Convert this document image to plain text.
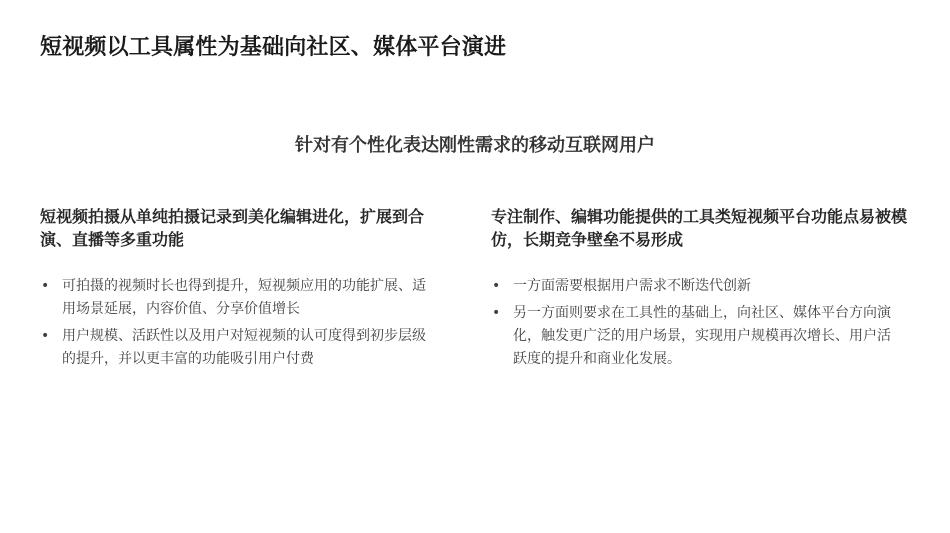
短视频以工具属性为基础向社区、媒体平台演进
针对有个性化表达刚性需求的移动互联网用户

短视频拍摄从单纯拍摄记录到美化编辑进化，扩展到合演、直播等多重功能

• 可拍摄的视频时长也得到提升，短视频应用的功能扩展、适用场景延展，内容价值、分享价值增长
• 用户规模、活跃性以及用户对短视频的认可度得到初步层级的提升，并以更丰富的功能吸引用户付费

专注制作、编辑功能提供的工具类短视频平台功能点易被模仿，长期竞争壁垒不易形成

• 一方面需要根据用户需求不断迭代创新
• 另一方面则要求在工具性的基础上，向社区、媒体平台方向演化，触发更广泛的用户场景，实现用户规模再次增长、用户活跃度的提升和商业化发展。
